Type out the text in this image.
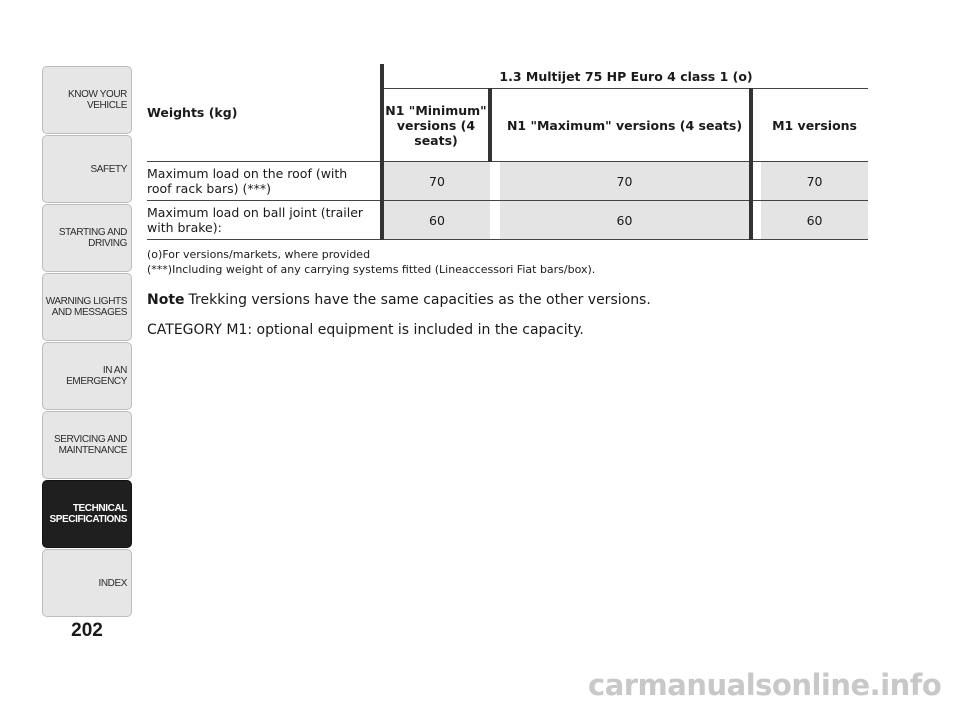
KNOW YOUR
VEHICLE
SAFETY
STARTING AND
DRIVING
WARNING LIGHTS
AND MESSAGES
IN AN EMERGENCY
SERVICING AND
MAINTENANCE
TECHNICAL
SPECIFICATIONS
INDEX
202
Weights (kg)	1.3 Multijet 75 HP Euro 4 class 1 (o)				
	N1 "Minimum" versions (4 seats)		N1 "Maximum" versions (4 seats)		M1 versions
Maximum load on the roof (with roof rack bars) (***)	70		70		70
Maximum load on ball joint (trailer with brake):	60		60		60
(o)For versions/markets, where provided
(***)Including weight of any carrying systems fitted (Lineaccessori Fiat bars/box).
Note Trekking versions have the same capacities as the other versions.
CATEGORY M1: optional equipment is included in the capacity.
carmanualsonline.info
